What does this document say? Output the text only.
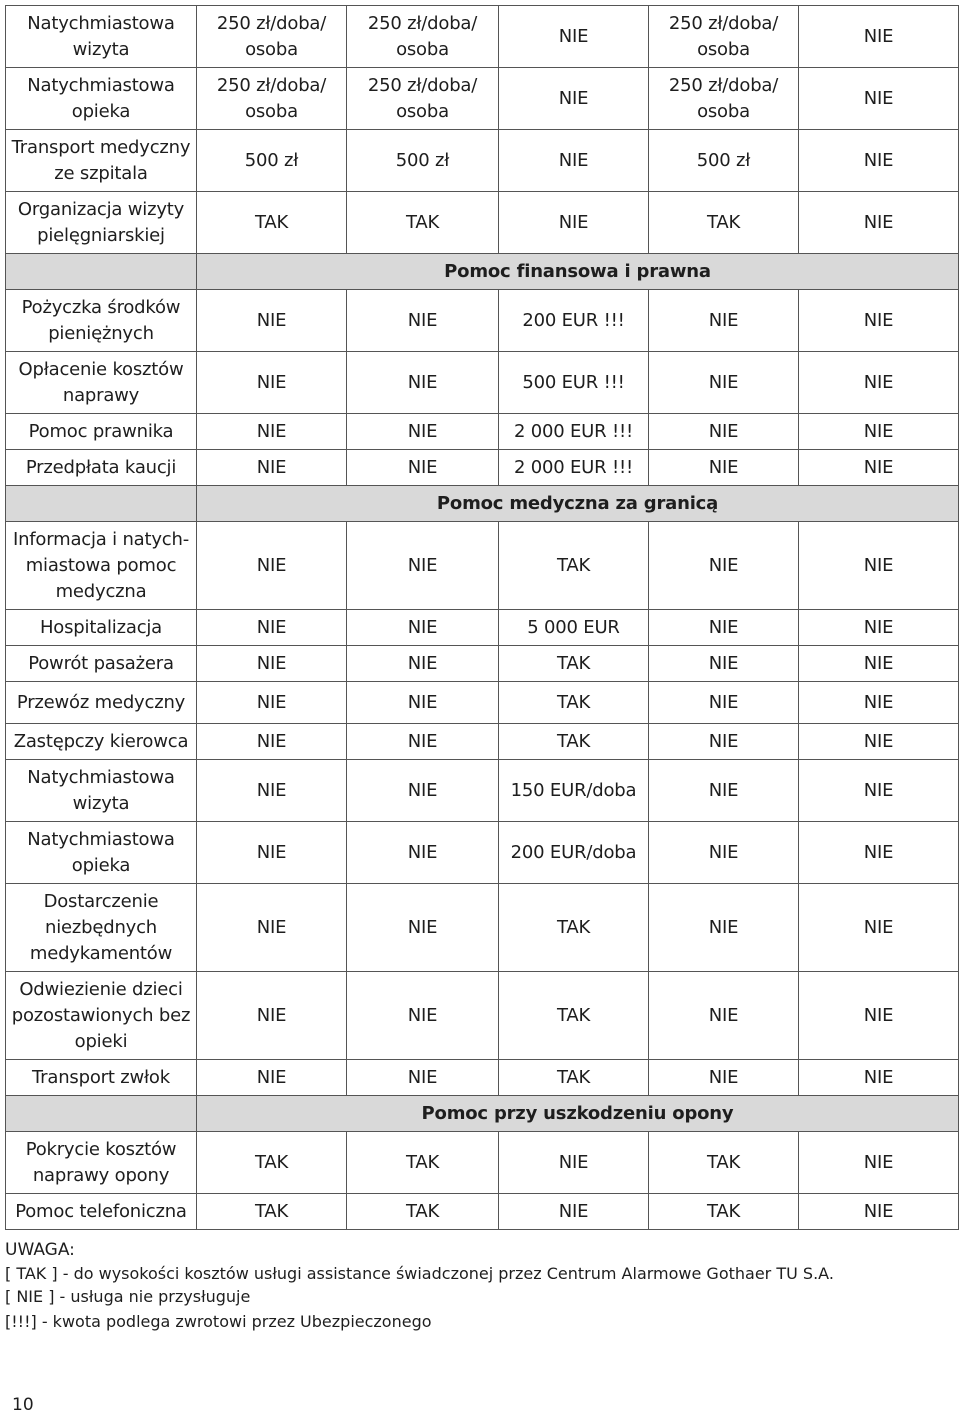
Natychmiastowa wizyta	250 zł/doba/ osoba	250 zł/doba/ osoba	NIE	250 zł/doba/ osoba	NIE
Natychmiastowa opieka	250 zł/doba/ osoba	250 zł/doba/ osoba	NIE	250 zł/doba/ osoba	NIE
Transport medyczny ze szpitala	500 zł	500 zł	NIE	500 zł	NIE
Organizacja wizyty pielęgniarskiej	TAK	TAK	NIE	TAK	NIE
	Pomoc finansowa i prawna				
Pożyczka środków pieniężnych	NIE	NIE	200 EUR !!!	NIE	NIE
Opłacenie kosztów naprawy	NIE	NIE	500 EUR !!!	NIE	NIE
Pomoc prawnika	NIE	NIE	2 000 EUR !!!	NIE	NIE
Przedpłata kaucji	NIE	NIE	2 000 EUR !!!	NIE	NIE
	Pomoc medyczna za granicą				
Informacja i natych- miastowa pomoc medyczna	NIE	NIE	TAK	NIE	NIE
Hospitalizacja	NIE	NIE	5 000 EUR	NIE	NIE
Powrót pasażera	NIE	NIE	TAK	NIE	NIE
Przewóz medyczny	NIE	NIE	TAK	NIE	NIE
Zastępczy kierowca	NIE	NIE	TAK	NIE	NIE
Natychmiastowa wizyta	NIE	NIE	150 EUR/doba	NIE	NIE
Natychmiastowa opieka	NIE	NIE	200 EUR/doba	NIE	NIE
Dostarczenie niezbędnych medykamentów	NIE	NIE	TAK	NIE	NIE
Odwiezienie dzieci pozostawionych bez opieki	NIE	NIE	TAK	NIE	NIE
Transport zwłok	NIE	NIE	TAK	NIE	NIE
	Pomoc przy uszkodzeniu opony				
Pokrycie kosztów naprawy opony	TAK	TAK	NIE	TAK	NIE
Pomoc telefoniczna	TAK	TAK	NIE	TAK	NIE
UWAGA:
[ TAK ] - do wysokości kosztów usługi assistance świadczonej przez Centrum Alarmowe Gothaer TU S.A.
[ NIE ] - usługa nie przysługuje
[!!!] - kwota podlega zwrotowi przez Ubezpieczonego
10
